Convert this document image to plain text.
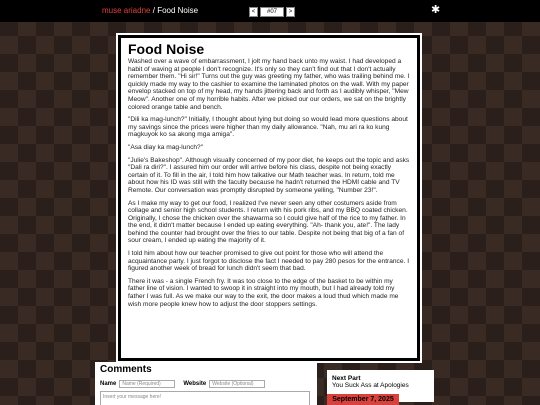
muse ariadne / Food Noise	<	#07	>	✱
Food Noise

Washed over a wave of embarrassment, I jolt my hand back unto my waist. I had developed a habit of waving at people I don't recognize. It's only so they can't find out that I don't actually remember them. "Hi sir!" Turns out the guy was greeting my father, who was trailing behind me. I quickly made my way to the cashier to examine the laminated photos on the wall. With my paper envelop stacked on top of my head, my hands jittering back and forth as I audibly whisper, "Mew Meow". Another one of my horrible habits. After we picked our our orders, we sat on the brightly colored orange table and bench.

"Dili ka mag-lunch?" Initially, I thought about lying but doing so would lead more questions about my savings since the prices were higher than my daily allowance. "Nah, mu ari ra ko kung magkuyok ko sa akong mga amiga".

"Asa diay ka mag-lunch?"

"Julie's Bakeshop". Although visually concerned of my poor diet, he keeps out the topic and asks "Dali ra diri?". I assured him our order will arrive before his class, despite not being exactly certain of it. To fill in the air, I told him how talkative our Math teacher was. In return, told me about how his ID was still with the faculty because he hadn't returned the HDMI cable and TV Remote. Our conversation was promptly disrupted by someone yelling, "Number 23!".

As I make my way to get our food, I realized I've never seen any other costumers aside from collage and senior high school students. I return with his pork ribs, and my BBQ coated chicken. Originally, I chose the chicken over the shawarma so I could give half of the rice to my father. In the end, it didn't matter because I ended up eating everything. "Ah- thank you, ate!". The lady behind the counter had brought over the fries to our table. Despite not being that big of a fan of sour cream, I ended up eating the majority of it.

I told him about how our teacher promised to give out point for those who will attend the acquaintance party. I just forgot to disclose the fact I needed to pay 280 pesos for the entrance. I figured another week of bread for lunch didn't seem that bad.

There it was - a single French fry. It was too close to the edge of the basket to be within my father line of vision. I wanted to swoop it in straight into my mouth, but I had already told my father I was full. As we make our way to the exit, the door makes a loud thud which made me wish more people knew how to adjust the door stoppers settings.

Comments
Name	Name (Required)	Website	Website (Optional)
Insert your message here!
Next Part
You Suck Ass at Apologies
September 7, 2025
